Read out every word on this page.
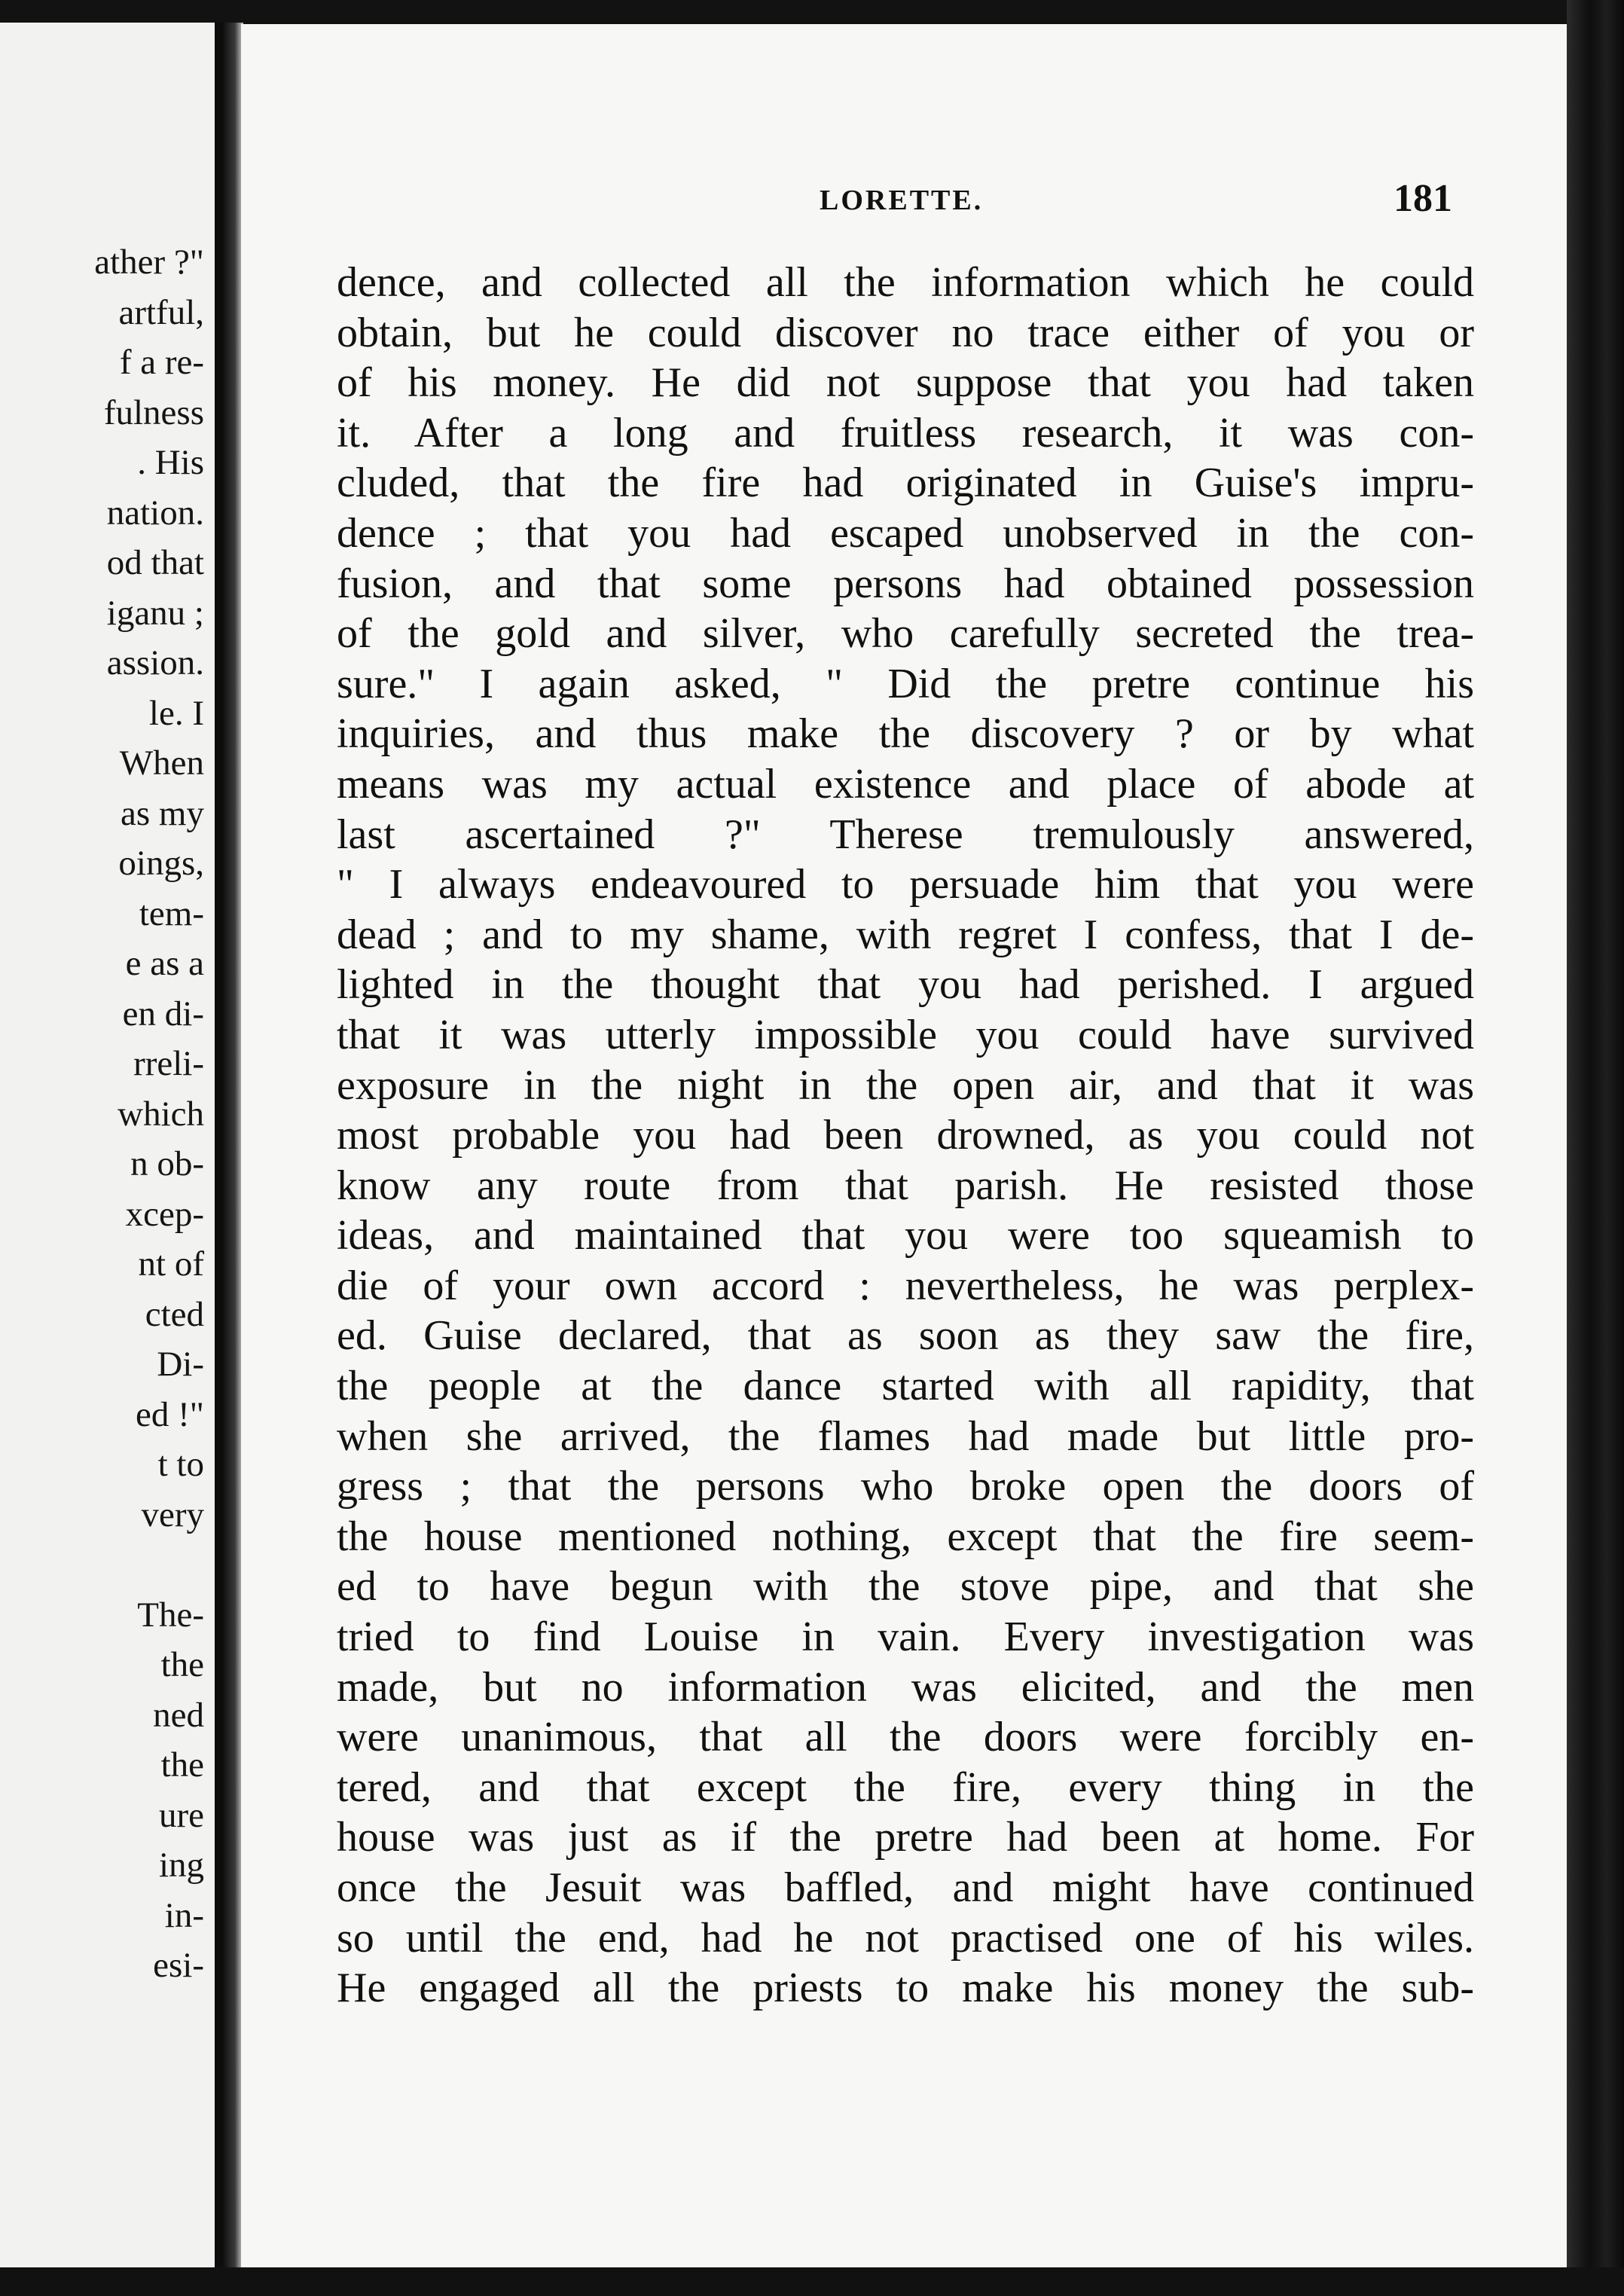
ather ?"
artful,
f a re-
fulness
. His
nation.
od that
iganu ;
assion.
le. I
When
as my
oings,
tem-
e as a
en di-
rreli-
which
n ob-
xcep-
nt of
cted
Di-
ed !"
t to
very
The-
the
ned
the
ure
ing
in-
esi-
LORETTE.	181
dence, and collected all the information which he could
obtain, but he could discover no trace either of you or
of his money. He did not suppose that you had taken
it. After a long and fruitless research, it was con-
cluded, that the fire had originated in Guise's impru-
dence ; that you had escaped unobserved in the con-
fusion, and that some persons had obtained possession
of the gold and silver, who carefully secreted the trea-
sure." I again asked, " Did the pretre continue his
inquiries, and thus make the discovery ? or by what
means was my actual existence and place of abode at
last ascertained ?" Therese tremulously answered,
" I always endeavoured to persuade him that you were
dead ; and to my shame, with regret I confess, that I de-
lighted in the thought that you had perished. I argued
that it was utterly impossible you could have survived
exposure in the night in the open air, and that it was
most probable you had been drowned, as you could not
know any route from that parish. He resisted those
ideas, and maintained that you were too squeamish to
die of your own accord : nevertheless, he was perplex-
ed. Guise declared, that as soon as they saw the fire,
the people at the dance started with all rapidity, that
when she arrived, the flames had made but little pro-
gress ; that the persons who broke open the doors of
the house mentioned nothing, except that the fire seem-
ed to have begun with the stove pipe, and that she
tried to find Louise in vain. Every investigation was
made, but no information was elicited, and the men
were unanimous, that all the doors were forcibly en-
tered, and that except the fire, every thing in the
house was just as if the pretre had been at home. For
once the Jesuit was baffled, and might have continued
so until the end, had he not practised one of his wiles.
He engaged all the priests to make his money the sub-
